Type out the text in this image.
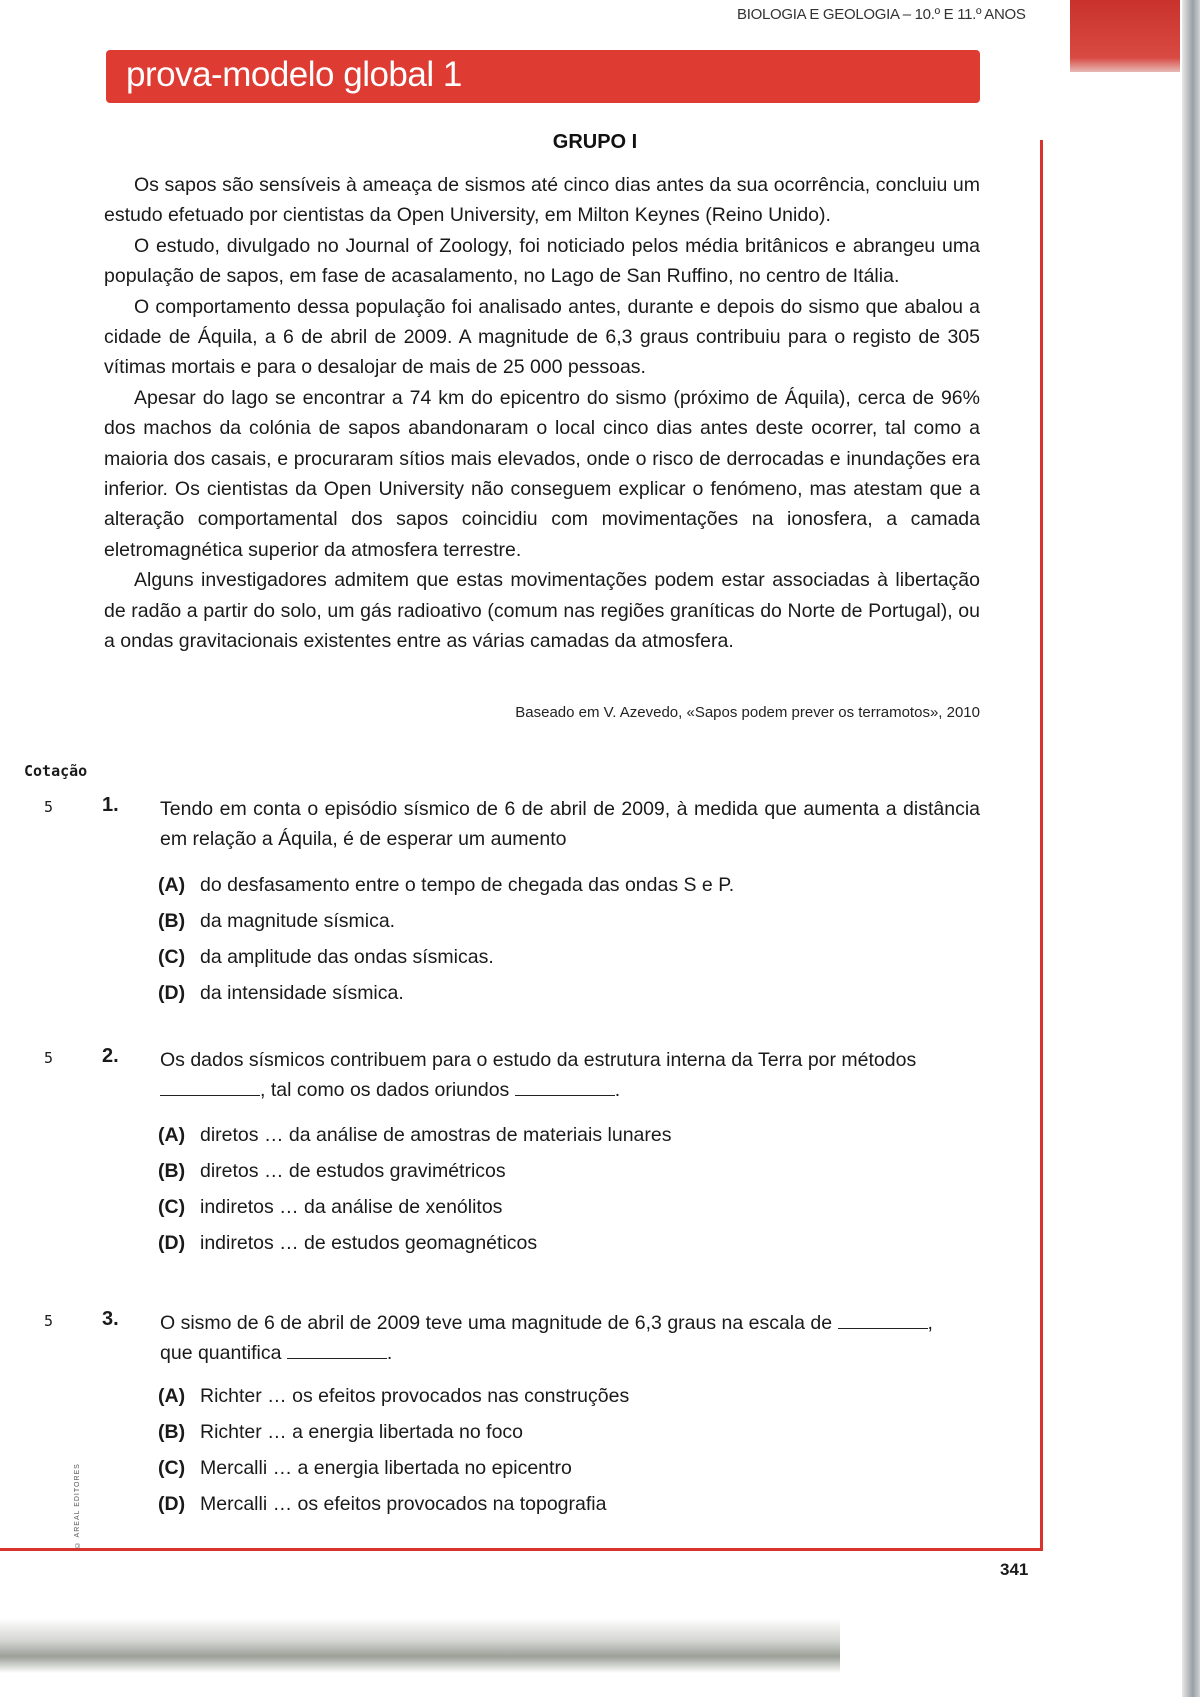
BIOLOGIA E GEOLOGIA – 10.º E 11.º ANOS
prova-modelo global 1
GRUPO I

Os sapos são sensíveis à ameaça de sismos até cinco dias antes da sua ocorrência, concluiu um estudo efetuado por cientistas da Open University, em Milton Keynes (Reino Unido).

O estudo, divulgado no Journal of Zoology, foi noticiado pelos média britânicos e abrangeu uma população de sapos, em fase de acasalamento, no Lago de San Ruffino, no centro de Itália.

O comportamento dessa população foi analisado antes, durante e depois do sismo que abalou a cidade de Áquila, a 6 de abril de 2009. A magnitude de 6,3 graus contribuiu para o registo de 305 vítimas mortais e para o desalojar de mais de 25 000 pessoas.

Apesar do lago se encontrar a 74 km do epicentro do sismo (próximo de Áquila), cerca de 96% dos machos da colónia de sapos abandonaram o local cinco dias antes deste ocorrer, tal como a maioria dos casais, e procuraram sítios mais elevados, onde o risco de derrocadas e inundações era inferior. Os cientistas da Open University não conseguem explicar o fenómeno, mas atestam que a alteração comportamental dos sapos coincidiu com movimentações na ionosfera, a camada eletromagnética superior da atmosfera terrestre.

Alguns investigadores admitem que estas movimentações podem estar associadas à libertação de radão a partir do solo, um gás radioativo (comum nas regiões graníticas do Norte de Portugal), ou a ondas gravitacionais existentes entre as várias camadas da atmosfera.

Baseado em V. Azevedo, «Sapos podem prever os terramotos», 2010
Cotação
5 1. Tendo em conta o episódio sísmico de 6 de abril de 2009, à medida que aumenta a distância em relação a Áquila, é de esperar um aumento
(A) do desfasamento entre o tempo de chegada das ondas S e P.
(B) da magnitude sísmica.
(C) da amplitude das ondas sísmicas.
(D) da intensidade sísmica.
5 2. Os dados sísmicos contribuem para o estudo da estrutura interna da Terra por métodos
, tal como os dados oriundos	.
(A) diretos … da análise de amostras de materiais lunares
(B) diretos … de estudos gravimétricos
(C) indiretos … da análise de xenólitos
(D) indiretos … de estudos geomagnéticos
5 3. O sismo de 6 de abril de 2009 teve uma magnitude de 6,3 graus na escala de	,
que quantifica	.
(A) Richter … os efeitos provocados nas construções
(B) Richter … a energia libertada no foco
(C) Mercalli … a energia libertada no epicentro
(D) Mercalli … os efeitos provocados na topografia
© AREAL EDITORES
341
